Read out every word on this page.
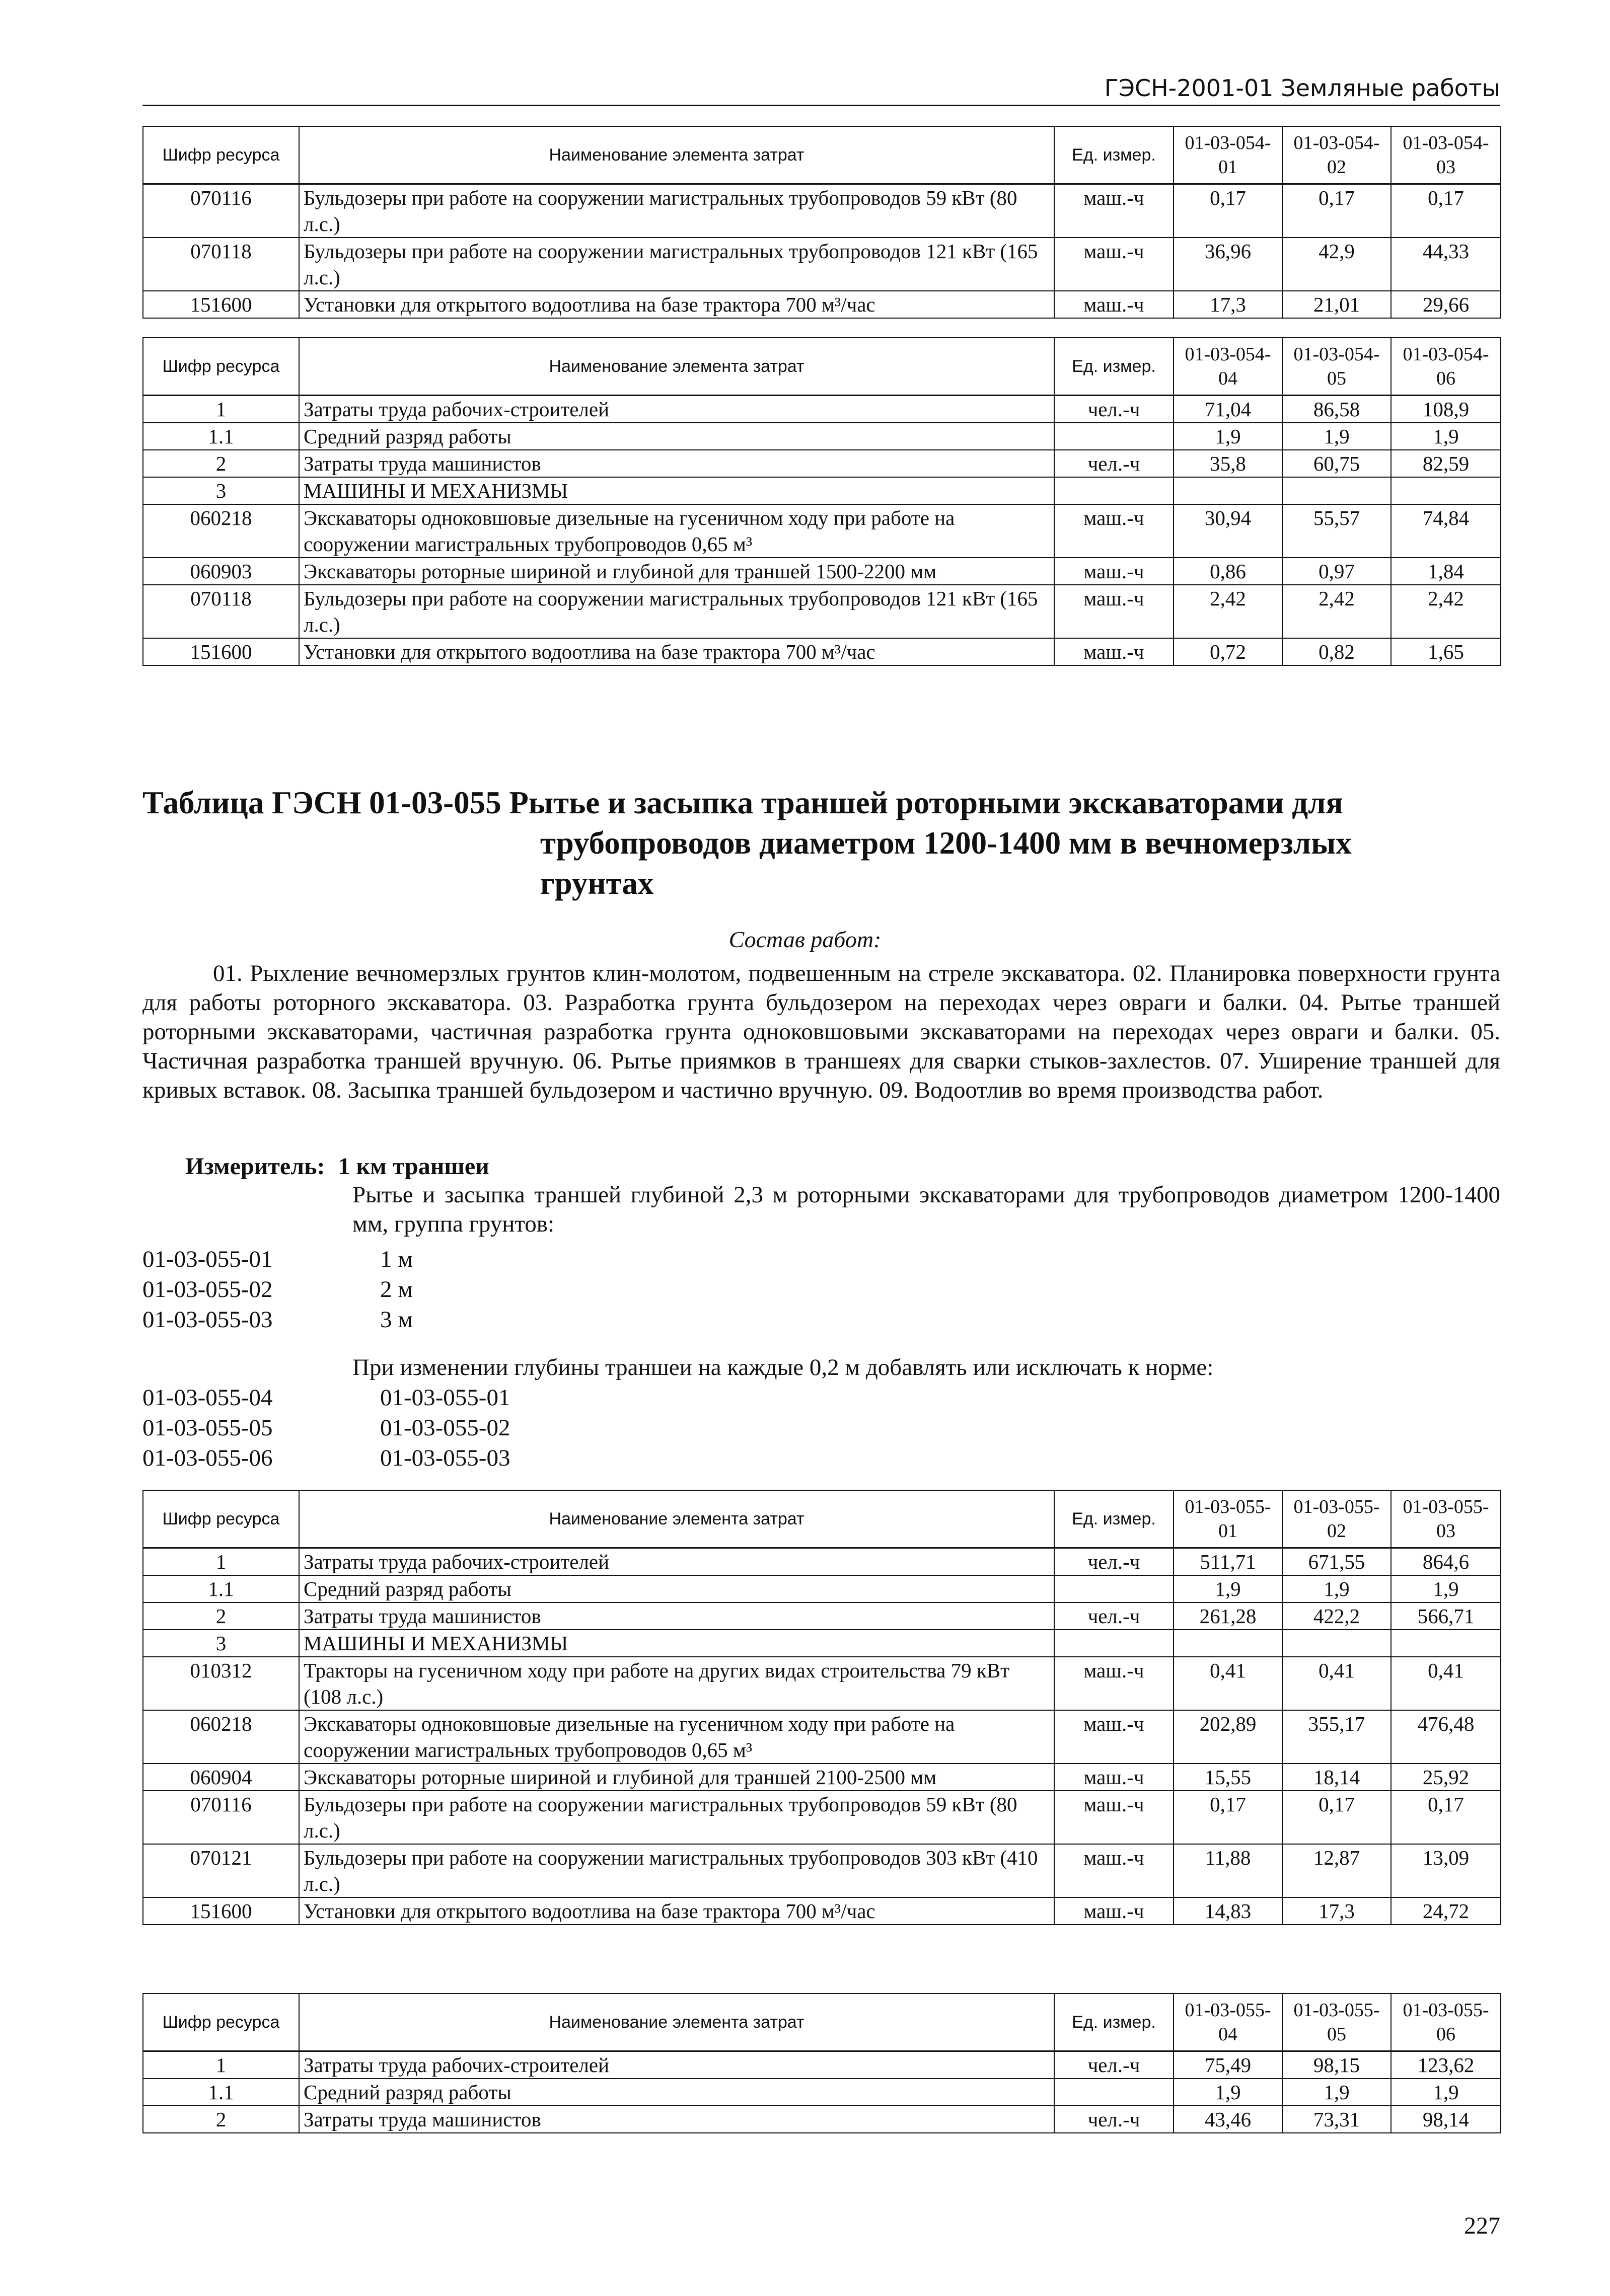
ГЭСН-2001-01 Земляные работы
Шифр ресурса	Наименование элемента затрат	Ед. измер.	01-03-054-01	01-03-054-02	01-03-054-03
070116	Бульдозеры при работе на сооружении магистральных трубопроводов 59 кВт (80 л.с.)	маш.-ч	0,17	0,17	0,17
070118	Бульдозеры при работе на сооружении магистральных трубопроводов 121 кВт (165 л.с.)	маш.-ч	36,96	42,9	44,33
151600	Установки для открытого водоотлива на базе трактора 700 м³/час	маш.-ч	17,3	21,01	29,66
Шифр ресурса	Наименование элемента затрат	Ед. измер.	01-03-054-04	01-03-054-05	01-03-054-06
1	Затраты труда рабочих-строителей	чел.-ч	71,04	86,58	108,9
1.1	Средний разряд работы		1,9	1,9	1,9
2	Затраты труда машинистов	чел.-ч	35,8	60,75	82,59
3	МАШИНЫ И МЕХАНИЗМЫ				
060218	Экскаваторы одноковшовые дизельные на гусеничном ходу при работе на сооружении магистральных трубопроводов 0,65 м³	маш.-ч	30,94	55,57	74,84
060903	Экскаваторы роторные шириной и глубиной для траншей 1500-2200 мм	маш.-ч	0,86	0,97	1,84
070118	Бульдозеры при работе на сооружении магистральных трубопроводов 121 кВт (165 л.с.)	маш.-ч	2,42	2,42	2,42
151600	Установки для открытого водоотлива на базе трактора 700 м³/час	маш.-ч	0,72	0,82	1,65
Таблица ГЭСН 01-03-055 Рытье и засыпка траншей роторными экскаваторами для
трубопроводов диаметром 1200-1400 мм в вечномерзлых
грунтах
Состав работ:
01. Рыхление вечномерзлых грунтов клин-молотом, подвешенным на стреле экскаватора. 02. Планировка поверхности грунта для работы роторного экскаватора. 03. Разработка грунта бульдозером на переходах через овраги и балки. 04. Рытье траншей роторными экскаваторами, частичная разработка грунта одноковшовыми экскаваторами на переходах через овраги и балки. 05. Частичная разработка траншей вручную. 06. Рытье приямков в траншеях для сварки стыков-захлестов. 07. Уширение траншей для кривых вставок. 08. Засыпка траншей бульдозером и частично вручную. 09. Водоотлив во время производства работ.
Измеритель: 1 км траншеи
Рытье и засыпка траншей глубиной 2,3 м роторными экскаваторами для трубопроводов диаметром 1200-1400 мм, группа грунтов:
01-03-055-01	1 м
01-03-055-02	2 м
01-03-055-03	3 м
При изменении глубины траншеи на каждые 0,2 м добавлять или исключать к норме:
01-03-055-04	01-03-055-01
01-03-055-05	01-03-055-02
01-03-055-06	01-03-055-03
Шифр ресурса	Наименование элемента затрат	Ед. измер.	01-03-055-01	01-03-055-02	01-03-055-03
1	Затраты труда рабочих-строителей	чел.-ч	511,71	671,55	864,6
1.1	Средний разряд работы		1,9	1,9	1,9
2	Затраты труда машинистов	чел.-ч	261,28	422,2	566,71
3	МАШИНЫ И МЕХАНИЗМЫ				
010312	Тракторы на гусеничном ходу при работе на других видах строительства 79 кВт (108 л.с.)	маш.-ч	0,41	0,41	0,41
060218	Экскаваторы одноковшовые дизельные на гусеничном ходу при работе на сооружении магистральных трубопроводов 0,65 м³	маш.-ч	202,89	355,17	476,48
060904	Экскаваторы роторные шириной и глубиной для траншей 2100-2500 мм	маш.-ч	15,55	18,14	25,92
070116	Бульдозеры при работе на сооружении магистральных трубопроводов 59 кВт (80 л.с.)	маш.-ч	0,17	0,17	0,17
070121	Бульдозеры при работе на сооружении магистральных трубопроводов 303 кВт (410 л.с.)	маш.-ч	11,88	12,87	13,09
151600	Установки для открытого водоотлива на базе трактора 700 м³/час	маш.-ч	14,83	17,3	24,72
Шифр ресурса	Наименование элемента затрат	Ед. измер.	01-03-055-04	01-03-055-05	01-03-055-06
1	Затраты труда рабочих-строителей	чел.-ч	75,49	98,15	123,62
1.1	Средний разряд работы		1,9	1,9	1,9
2	Затраты труда машинистов	чел.-ч	43,46	73,31	98,14
227
